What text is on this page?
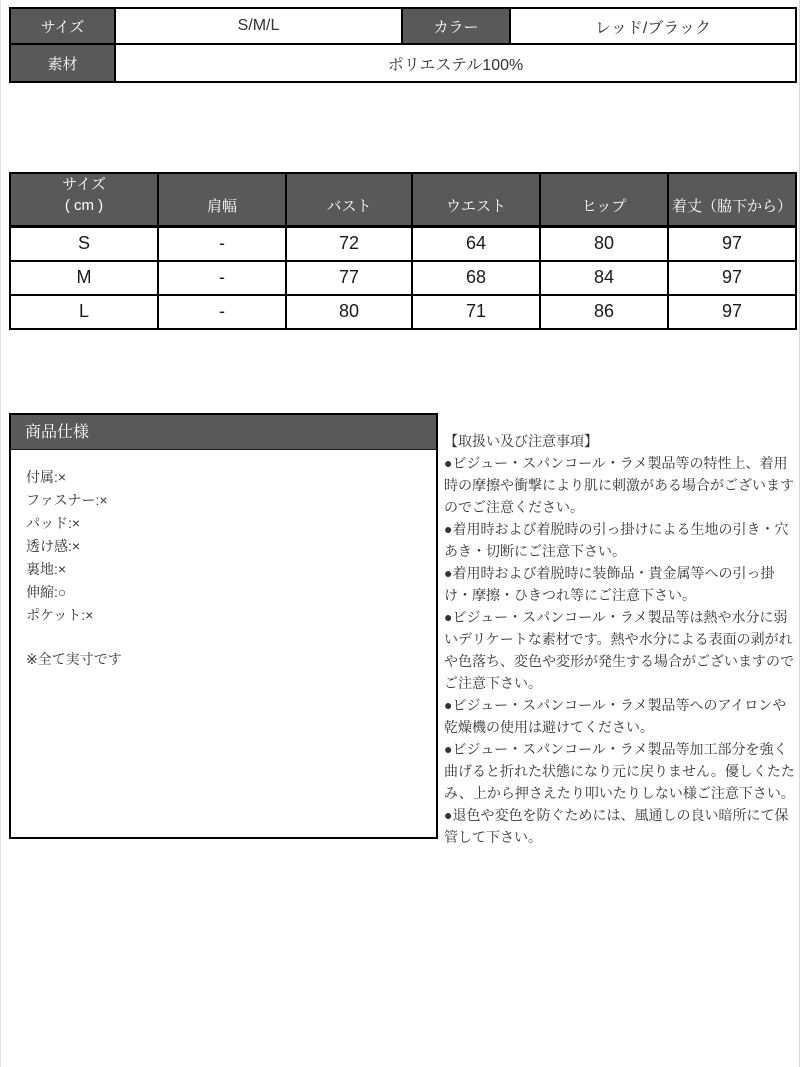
サイズ	S/M/L	カラー	レッド/ブラック
素材	ポリエステル100%		
サイズ
( cm )	肩幅	バスト	ウエスト	ヒップ	着丈（脇下から）
S	-	72	64	80	97
M	-	77	68	84	97
L	-	80	71	86	97
商品仕様
付属:×
ファスナー:×
パッド:×
透け感:×
裏地:×
伸縮:○
ポケット:×
※全て実寸です
【取扱い及び注意事項】

●ビジュー・スパンコール・ラメ製品等の特性上、着用時の摩擦や衝撃により肌に刺激がある場合がございますのでご注意ください。

●着用時および着脱時の引っ掛けによる生地の引き・穴あき・切断にご注意下さい。

●着用時および着脱時に装飾品・貴金属等への引っ掛け・摩擦・ひきつれ等にご注意下さい。

●ビジュー・スパンコール・ラメ製品等は熱や水分に弱いデリケートな素材です。熱や水分による表面の剥がれや色落ち、変色や変形が発生する場合がございますのでご注意下さい。

●ビジュー・スパンコール・ラメ製品等へのアイロンや乾燥機の使用は避けてください。

●ビジュー・スパンコール・ラメ製品等加工部分を強く曲げると折れた状態になり元に戻りません。優しくたたみ、上から押さえたり叩いたりしない様ご注意下さい。

●退色や変色を防ぐためには、風通しの良い暗所にて保管して下さい。
